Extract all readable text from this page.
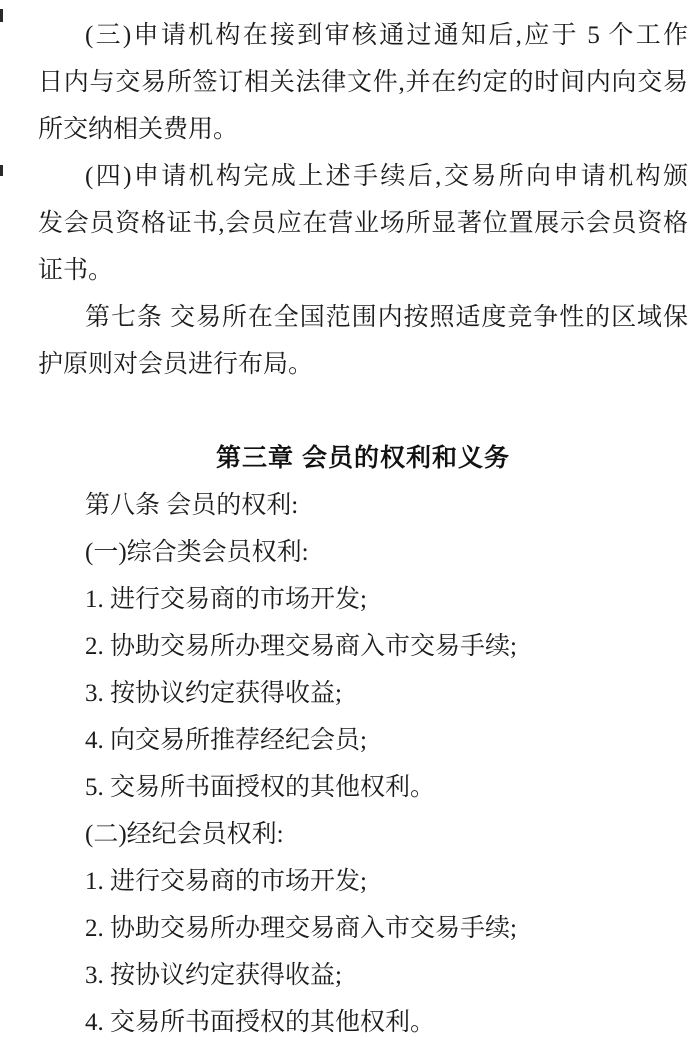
(三)申请机构在接到审核通过通知后,应于 5 个工作

日内与交易所签订相关法律文件,并在约定的时间内向交易

所交纳相关费用。

(四)申请机构完成上述手续后,交易所向申请机构颁

发会员资格证书,会员应在营业场所显著位置展示会员资格

证书。

第七条 交易所在全国范围内按照适度竞争性的区域保

护原则对会员进行布局。

第三章 会员的权利和义务

第八条 会员的权利:

(一)综合类会员权利:

1. 进行交易商的市场开发;

2. 协助交易所办理交易商入市交易手续;

3. 按协议约定获得收益;

4. 向交易所推荐经纪会员;

5. 交易所书面授权的其他权利。

(二)经纪会员权利:

1. 进行交易商的市场开发;

2. 协助交易所办理交易商入市交易手续;

3. 按协议约定获得收益;

4. 交易所书面授权的其他权利。
